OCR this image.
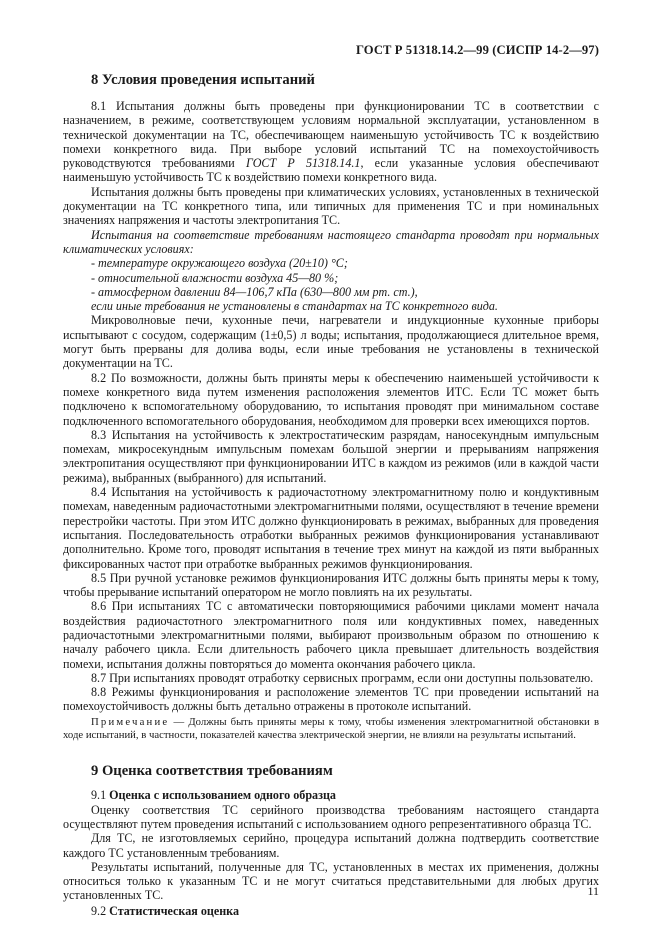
ГОСТ Р 51318.14.2—99 (СИСПР 14-2—97)
8 Условия проведения испытаний

8.1 Испытания должны быть проведены при функционировании ТС в соответствии с назначением, в режиме, соответствующем условиям нормальной эксплуатации, установленном в технической документации на ТС, обеспечивающем наименьшую устойчивость ТС к воздействию помехи конкретного вида. При выборе условий испытаний ТС на помехоустойчивость руководствуются требованиями ГОСТ Р 51318.14.1, если указанные условия обеспечивают наименьшую устойчивость ТС к воздействию помехи конкретного вида.

Испытания должны быть проведены при климатических условиях, установленных в технической документации на ТС конкретного типа, или типичных для применения ТС и при номинальных значениях напряжения и частоты электропитания ТС.

Испытания на соответствие требованиям настоящего стандарта проводят при нормальных климатических условиях:

- температуре окружающего воздуха (20±10) °С;

- относительной влажности воздуха 45—80 %;

- атмосферном давлении 84—106,7 кПа (630—800 мм рт. ст.),

если иные требования не установлены в стандартах на ТС конкретного вида.

Микроволновые печи, кухонные печи, нагреватели и индукционные кухонные приборы испытывают с сосудом, содержащим (1±0,5) л воды; испытания, продолжающиеся длительное время, могут быть прерваны для долива воды, если иные требования не установлены в технической документации на ТС.

8.2 По возможности, должны быть приняты меры к обеспечению наименьшей устойчивости к помехе конкретного вида путем изменения расположения элементов ИТС. Если ТС может быть подключено к вспомогательному оборудованию, то испытания проводят при минимальном составе подключенного вспомогательного оборудования, необходимом для проверки всех имеющихся портов.

8.3 Испытания на устойчивость к электростатическим разрядам, наносекундным импульсным помехам, микросекундным импульсным помехам большой энергии и прерываниям напряжения электропитания осуществляют при функционировании ИТС в каждом из режимов (или в каждой части режима), выбранных (выбранного) для испытаний.

8.4 Испытания на устойчивость к радиочастотному электромагнитному полю и кондуктивным помехам, наведенным радиочастотными электромагнитными полями, осуществляют в течение времени перестройки частоты. При этом ИТС должно функционировать в режимах, выбранных для проведения испытания. Последовательность отработки выбранных режимов функционирования устанавливают дополнительно. Кроме того, проводят испытания в течение трех минут на каждой из пяти выбранных фиксированных частот при отработке выбранных режимов функционирования.

8.5 При ручной установке режимов функционирования ИТС должны быть приняты меры к тому, чтобы прерывание испытаний оператором не могло повлиять на их результаты.

8.6 При испытаниях ТС с автоматически повторяющимися рабочими циклами момент начала воздействия радиочастотного электромагнитного поля или кондуктивных помех, наведенных радиочастотными электромагнитными полями, выбирают произвольным образом по отношению к началу рабочего цикла. Если длительность рабочего цикла превышает длительность воздействия помехи, испытания должны повторяться до момента окончания рабочего цикла.

8.7 При испытаниях проводят отработку сервисных программ, если они доступны пользователю.

8.8 Режимы функционирования и расположение элементов ТС при проведении испытаний на помехоустойчивость должны быть детально отражены в протоколе испытаний.

Примечание — Должны быть приняты меры к тому, чтобы изменения электромагнитной обстановки в ходе испытаний, в частности, показателей качества электрической энергии, не влияли на результаты испытаний.

9 Оценка соответствия требованиям

9.1 Оценка с использованием одного образца

Оценку соответствия ТС серийного производства требованиям настоящего стандарта осуществляют путем проведения испытаний с использованием одного репрезентативного образца ТС.

Для ТС, не изготовляемых серийно, процедура испытаний должна подтвердить соответствие каждого ТС установленным требованиям.

Результаты испытаний, полученные для ТС, установленных в местах их применения, должны относиться только к указанным ТС и не могут считаться представительными для любых других установленных ТС.

9.2 Статистическая оценка

11
